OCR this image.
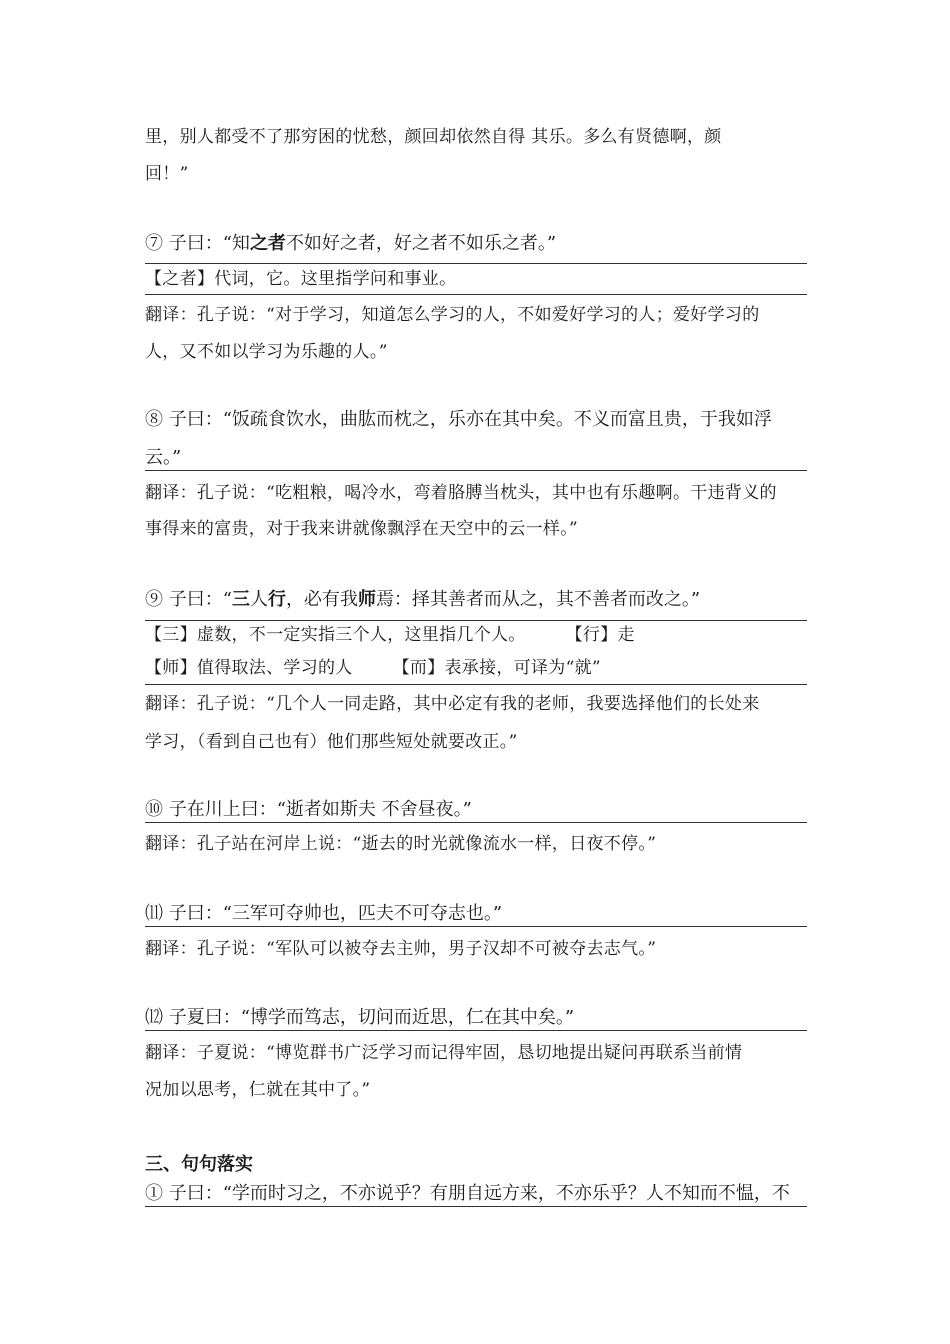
里，别人都受不了那穷困的忧愁，颜回却依然自得 其乐。多么有贤德啊，颜
回！”
⑦ 子曰：“知之者不如好之者，好之者不如乐之者。”
【之者】代词，它。这里指学问和事业。
翻译：孔子说：“对于学习，知道怎么学习的人，不如爱好学习的人；爱好学习的
人，又不如以学习为乐趣的人。”
⑧ 子曰：“饭疏食饮水，曲肱而枕之，乐亦在其中矣。不义而富且贵，于我如浮
云。”
翻译：孔子说：“吃粗粮，喝冷水，弯着胳膊当枕头，其中也有乐趣啊。干违背义的
事得来的富贵，对于我来讲就像飘浮在天空中的云一样。”
⑨ 子曰：“三人行，必有我师焉：择其善者而从之，其不善者而改之。”
【三】虚数，不一定实指三个人，这里指几个人。 【行】走
【师】值得取法、学习的人 【而】表承接，可译为“就”
翻译：孔子说：“几个人一同走路，其中必定有我的老师，我要选择他们的长处来
学习，（看到自己也有）他们那些短处就要改正。”
⑩ 子在川上曰：“逝者如斯夫 不舍昼夜。”
翻译：孔子站在河岸上说：“逝去的时光就像流水一样，日夜不停。”
⑾ 子曰：“三军可夺帅也，匹夫不可夺志也。”
翻译：孔子说：“军队可以被夺去主帅，男子汉却不可被夺去志气。”
⑿ 子夏曰：“博学而笃志，切问而近思，仁在其中矣。”
翻译：子夏说：“博览群书广泛学习而记得牢固，恳切地提出疑问再联系当前情
况加以思考，仁就在其中了。”
三、句句落实
① 子曰：“学而时习之，不亦说乎？有朋自远方来，不亦乐乎？人不知而不愠，不
